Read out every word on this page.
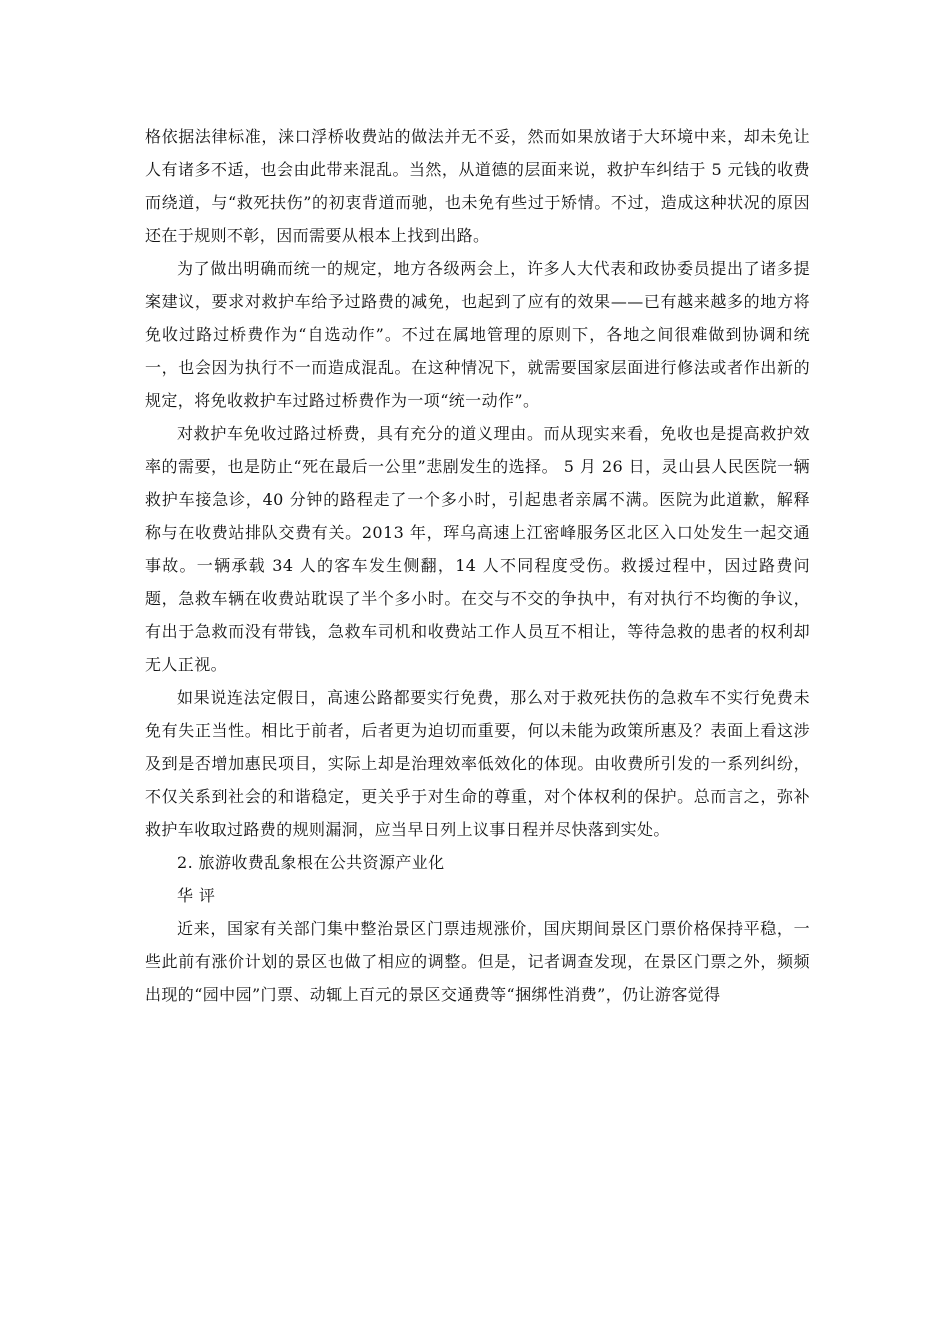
格依据法律标准，涞口浮桥收费站的做法并无不妥，然而如果放诸于大环境中来，却未免让人有诸多不适，也会由此带来混乱。当然，从道德的层面来说，救护车纠结于 5 元钱的收费而绕道，与“救死扶伤”的初衷背道而驰，也未免有些过于矫情。不过，造成这种状况的原因还在于规则不彰，因而需要从根本上找到出路。

为了做出明确而统一的规定，地方各级两会上，许多人大代表和政协委员提出了诸多提案建议，要求对救护车给予过路费的减免，也起到了应有的效果——已有越来越多的地方将免收过路过桥费作为“自选动作”。不过在属地管理的原则下，各地之间很难做到协调和统一，也会因为执行不一而造成混乱。在这种情况下，就需要国家层面进行修法或者作出新的规定，将免收救护车过路过桥费作为一项“统一动作”。

对救护车免收过路过桥费，具有充分的道义理由。而从现实来看，免收也是提高救护效率的需要，也是防止“死在最后一公里”悲剧发生的选择。 5 月 26 日，灵山县人民医院一辆救护车接急诊，40 分钟的路程走了一个多小时，引起患者亲属不满。医院为此道歉，解释称与在收费站排队交费有关。2013 年，珲乌高速上江密峰服务区北区入口处发生一起交通事故。一辆承载 34 人的客车发生侧翻，14 人不同程度受伤。救援过程中，因过路费问题，急救车辆在收费站耽误了半个多小时。在交与不交的争执中，有对执行不均衡的争议，有出于急救而没有带钱，急救车司机和收费站工作人员互不相让，等待急救的患者的权利却无人正视。

如果说连法定假日，高速公路都要实行免费，那么对于救死扶伤的急救车不实行免费未免有失正当性。相比于前者，后者更为迫切而重要，何以未能为政策所惠及？表面上看这涉及到是否增加惠民项目，实际上却是治理效率低效化的体现。由收费所引发的一系列纠纷，不仅关系到社会的和谐稳定，更关乎于对生命的尊重，对个体权利的保护。总而言之，弥补救护车收取过路费的规则漏洞，应当早日列上议事日程并尽快落到实处。

2. 旅游收费乱象根在公共资源产业化

华 评

近来，国家有关部门集中整治景区门票违规涨价，国庆期间景区门票价格保持平稳，一些此前有涨价计划的景区也做了相应的调整。但是，记者调查发现，在景区门票之外，频频出现的“园中园”门票、动辄上百元的景区交通费等“捆绑性消费”，仍让游客觉得
